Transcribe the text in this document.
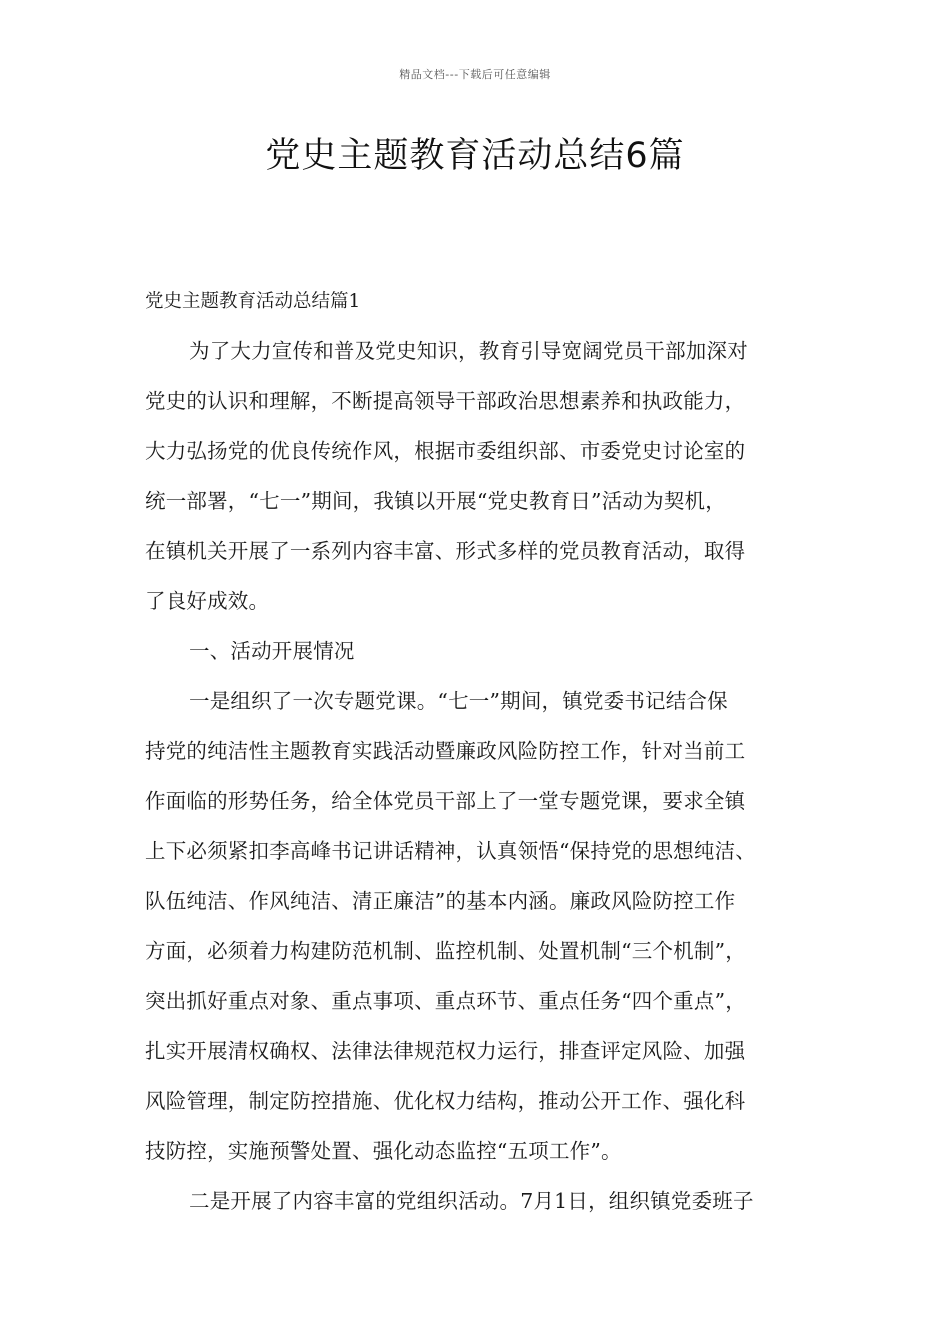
精品文档---下载后可任意编辑
党史主题教育活动总结6篇
党史主题教育活动总结篇1
为了大力宣传和普及党史知识，教育引导宽阔党员干部加深对
党史的认识和理解，不断提高领导干部政治思想素养和执政能力，
大力弘扬党的优良传统作风，根据市委组织部、市委党史讨论室的
统一部署，“七一”期间，我镇以开展“党史教育日”活动为契机，
在镇机关开展了一系列内容丰富、形式多样的党员教育活动，取得
了良好成效。
一、活动开展情况
一是组织了一次专题党课。“七一”期间，镇党委书记结合保
持党的纯洁性主题教育实践活动暨廉政风险防控工作，针对当前工
作面临的形势任务，给全体党员干部上了一堂专题党课，要求全镇
上下必须紧扣李高峰书记讲话精神，认真领悟“保持党的思想纯洁、
队伍纯洁、作风纯洁、清正廉洁”的基本内涵。廉政风险防控工作
方面，必须着力构建防范机制、监控机制、处置机制“三个机制”，
突出抓好重点对象、重点事项、重点环节、重点任务“四个重点”，
扎实开展清权确权、法律法律规范权力运行，排查评定风险、加强
风险管理，制定防控措施、优化权力结构，推动公开工作、强化科
技防控，实施预警处置、强化动态监控“五项工作”。
二是开展了内容丰富的党组织活动。7月1日，组织镇党委班子
